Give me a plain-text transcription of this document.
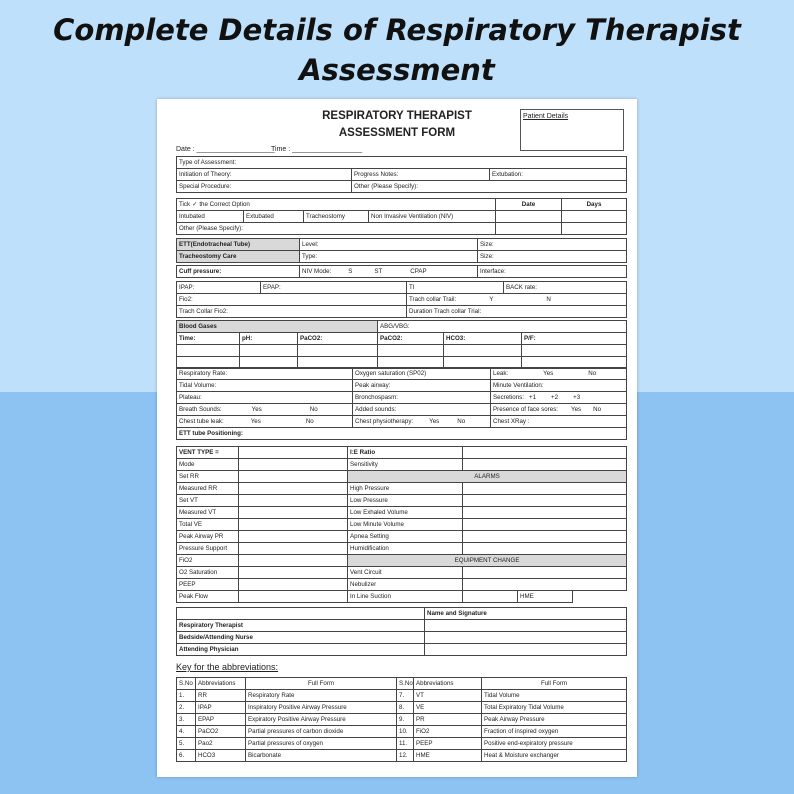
Complete Details of Respiratory Therapist
Assessment
RESPIRATORY THERAPIST
ASSESSMENT FORM
Patient Details
Date : ____________________
Time : __________________
Type of Assessment:		
Initiation of Theory:	Progress Notes:	Extubation:
Special Procedure:	Other (Please Specify):	
Tick ✓ the Correct Option				Date	Days
Intubated	Extubated	Tracheostomy	Non Invasive Ventilation (NIV)		
Other (Please Specify):					
ETT(Endotracheal Tube)	Level:	Size:
Tracheostomy Care	Type:	Size:
Cuff pressure:	NIV Mode:	S	ST	CPAP	Interface:
IPAP:	EPAP:	TI	BACK rate:
Fio2:		Trach collar Trail: Y N	
Trach Collar Fio2:		Duration Trach collar Trial:	
Blood Gases			ABG/VBG:		
Time:	pH:	PaCO2:	PaCO2:	HCO3:	P/F:

Respiratory Rate:	Oxygen saturation (SP02)	Leak: Yes No
Tidal Volume:	Peak airway:	Minute Ventilation:
Plateau:	Bronchospasm:	Secretions: +1 +2 +3
Breath Sounds: Yes No	Added sounds:	Presence of face sores: Yes No
Chest tube leak: Yes No	Chest physiotherapy: Yes No	Chest XRay :
ETT tube Positioning:		
VENT TYPE =		I:E Ratio			
Mode		Sensitivity			
Set RR		ALARMS			
Measured RR		High Pressure			
Set VT		Low Pressure			
Measured VT		Low Exhaled Volume			
Total VE		Low Minute Volume			
Peak Airway PR		Apnea Setting			
Pressure Support		Humidification			
FiO2		EQUIPMENT CHANGE			
O2 Saturation		Vent Circuit			
PEEP		Nebulizer			
Peak Flow		In Line Suction		HME	
	Name and Signature
Respiratory Therapist	
Bedside/Attending Nurse	
Attending Physician	
Key for the abbreviations:
S.No	Abbreviations	Full Form	S.No	Abbreviations	Full Form
1.	RR	Respiratory Rate	7.	VT	Tidal Volume
2.	IPAP	Inspiratory Positive Airway Pressure	8.	VE	Total Expiratory Tidal Volume
3.	EPAP	Expiratory Positive Airway Pressure	9.	PR	Peak Airway Pressure
4.	PaCO2	Partial pressures of carbon dioxide	10.	FiO2	Fraction of inspired oxygen
5.	Pao2	Partial pressures of oxygen	11.	PEEP	Positive end-expiratory pressure
6.	HCO3	Bicarbonate	12.	HME	Heat & Moisture exchanger
